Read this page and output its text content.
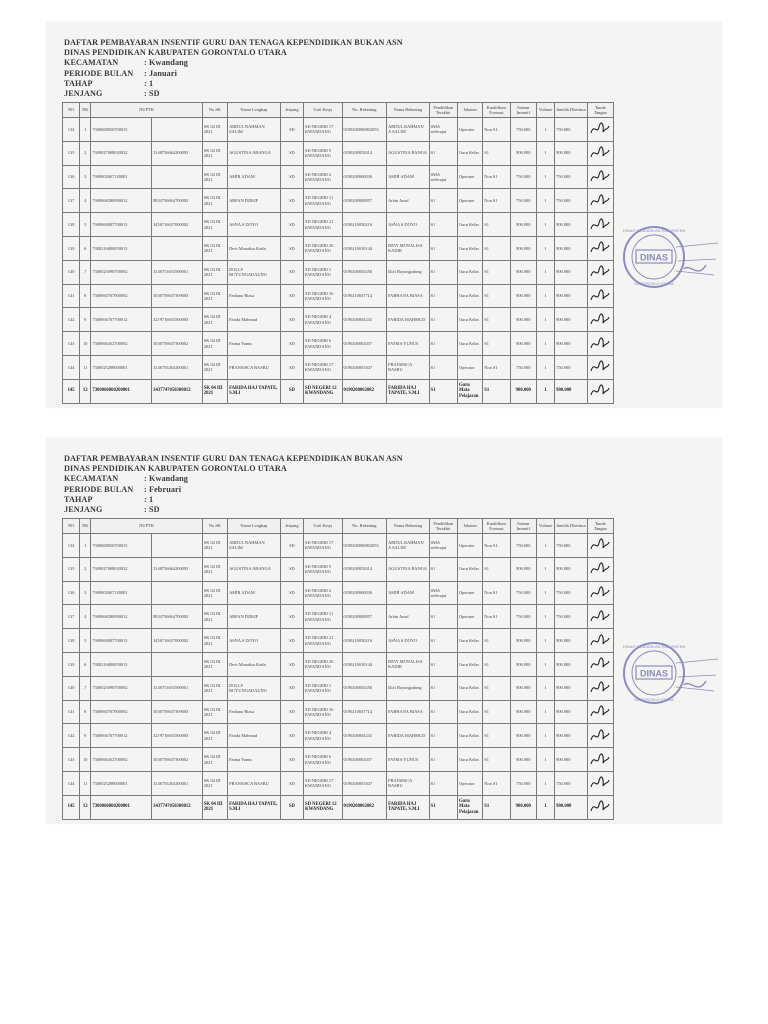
DAFTAR PEMBAYARAN INSENTIF GURU DAN TENAGA KEPENDIDIKAN BUKAN ASN
DINAS PENDIDIKAN KABUPATEN GORONTALO UTARA
KECAMATAN	: Kwandang
PERIODE BULAN : Januari
TAHAP	: 1
JENJANG	: SD
NO	NK	NUPTK		No SK	Nama Lengkap	Jenjang	Unit Kerja	No. Rekening	Nama Rekening	Pendidikan Terakhir	Jabatan	Kualifikasi Formasi	Satuan Insentif	Volume	Jumlah Diterima	Tanda Tangan
134	1	7300068050700015		SK 04 III 2021	ABDUL RAHMAN SALIM	SD	SD NEGERI 17 KWANDANG	0190200000802053	ABDUL RAHMAN A SALIM	SMA sederajat	Operator	Non S1	750.000	1	750.000	

135	2	7300027008020022	3148756664200093	SK 04 III 2021	AGUSTINA ABANGA	SD	SD NEGERI 5 KWANDANG	0190200052014	AGUSTINA BANGA	S1	Guru Kelas	S1	900.000	1	900.000	

136	3	7300002607120001		SK 04 III 2021	AMIR ADAM	SD	SD NEGERI 2 KWANDANG	0190200060036	AMIR ADAM	SMA sederajat	Operator	Non S1	750.000	1	750.000	

137	4	7300068280080012	8834756664700082	SK 04 III 2021	ARFAN DJIKIP	SD	SD NEGERI 11 KWANDANG	0190200000857	Arfan Jusuf	S1	Operator	Non S1	750.000	1	750.000	

138	5	7300068007700013	3456716637000002	SK 04 III 2021	ASNA S DOYO	SD	SD NEGERI 21 KWANDANG	0190210050216	ASNA S DOYO	S1	Guru Kelas	S1	900.000	1	900.000	

139	6	7300216000050013		SK 04 III 2021	Devi Monalisa Kadir	SD	SD NEGERI 20 KWANDANG	0190210010144	DEVI MONALISA KADIR	S1	Guru Kelas	S1	900.000	1	900.000	

140	7	7300025090700002	3146751653590001	SK 04 III 2021	DOLLY BUYUNGADAUNG	SD	SD NEGERI 1 KWANDANG	0190200050256	Doli Buyungadong	S1	Guru Kelas	S1	900.000	1	900.000	

141	8	7300060707000002	3030756637309003	SK 04 III 2021	Farhana Biasa	SD	SD NEGERI 16 KWANDANG	0190210047714	FARHANA BIASA	S1	Guru Kelas	S1	900.000	1	900.000	

142	9	7300066707700012	3219716653500003	SK 04 III 2021	Farida Mahmud	SD	SD NEGERI 4 KWANDANG	0190200004241	FARIDA MAHMUD	S1	Guru Kelas	S1	900.000	1	900.000	

143	10	7300066432700002	3030756637300002	SK 04 III 2021	Fatma Yunus	SD	SD NEGERI 6 KWANDANG	0190200002037	FATMA YUNUS	S1	Guru Kelas	S1	900.000	1	900.000	

144	11	7300025288000001	3146755263200001	SK 04 III 2021	FRANSISCA BASRU	SD	SD NEGERI 17 KWANDANG	0190200001847	FRANSISCA BASRU	S1	Operator	Non S1	750.000	1	750.000	

145	12	7300060800200001	3437747050300012	SK 04 III 2021	FARIDA HAJ TAPATE, S.M.I	SD	SD NEGERI 12 KWANDANG	0190200002082	FARIDA HAJ TAPATE, S.M.I	S1	Guru Mata Pelajaran	S1	900.000	1	900.000	
DINAS
DINAS PENDIDIKAN KABUPATEN
GORONTALO UTARA
DAFTAR PEMBAYARAN INSENTIF GURU DAN TENAGA KEPENDIDIKAN BUKAN ASN
DINAS PENDIDIKAN KABUPATEN GORONTALO UTARA
KECAMATAN	: Kwandang
PERIODE BULAN : Februari
TAHAP	: 1
JENJANG	: SD
NO	NK	NUPTK		No SK	Nama Lengkap	Jenjang	Unit Kerja	No. Rekening	Nama Rekening	Pendidikan Terakhir	Jabatan	Kualifikasi Formasi	Satuan Insentif	Volume	Jumlah Diterima	Tanda Tangan
134	1	7300068050700015		SK 04 III 2021	ABDUL RAHMAN SALIM	SD	SD NEGERI 17 KWANDANG	0190200000802053	ABDUL RAHMAN A SALIM	SMA sederajat	Operator	Non S1	750.000	1	750.000	

135	2	7300027008020022	3148756664200093	SK 04 III 2021	AGUSTINA ABANGA	SD	SD NEGERI 5 KWANDANG	0190200052014	AGUSTINA BANGA	S1	Guru Kelas	S1	900.000	1	900.000	

136	3	7300002607120001		SK 04 III 2021	AMIR ADAM	SD	SD NEGERI 2 KWANDANG	0190200060036	AMIR ADAM	SMA sederajat	Operator	Non S1	750.000	1	750.000	

137	4	7300068280080012	8834756664700082	SK 04 III 2021	ARFAN DJIKIP	SD	SD NEGERI 11 KWANDANG	0190200000857	Arfan Jusuf	S1	Operator	Non S1	750.000	1	750.000	

138	5	7300068007700013	3456716637000002	SK 04 III 2021	ASNA S DOYO	SD	SD NEGERI 21 KWANDANG	0190210050216	ASNA S DOYO	S1	Guru Kelas	S1	900.000	1	900.000	

139	6	7300216000050013		SK 04 III 2021	Devi Monalisa Kadir	SD	SD NEGERI 20 KWANDANG	0190210010144	DEVI MONALISA KADIR	S1	Guru Kelas	S1	900.000	1	900.000	

140	7	7300025090700002	3146751653590001	SK 04 III 2021	DOLLY BUYUNGADAUNG	SD	SD NEGERI 1 KWANDANG	0190200050256	Doli Buyungadong	S1	Guru Kelas	S1	900.000	1	900.000	

141	8	7300060707000002	3030756637309003	SK 04 III 2021	Farhana Biasa	SD	SD NEGERI 16 KWANDANG	0190210047714	FARHANA BIASA	S1	Guru Kelas	S1	900.000	1	900.000	

142	9	7300066707700012	3219716653500003	SK 04 III 2021	Farida Mahmud	SD	SD NEGERI 4 KWANDANG	0190200004241	FARIDA MAHMUD	S1	Guru Kelas	S1	900.000	1	900.000	

143	10	7300066432700002	3030756637300002	SK 04 III 2021	Fatma Yunus	SD	SD NEGERI 6 KWANDANG	0190200002037	FATMA YUNUS	S1	Guru Kelas	S1	900.000	1	900.000	

144	11	7300025288000001	3146755263200001	SK 04 III 2021	FRANSISCA BASRU	SD	SD NEGERI 17 KWANDANG	0190200001847	FRANSISCA BASRU	S1	Operator	Non S1	750.000	1	750.000	

145	12	7300060800200001	3437747050300012	SK 04 III 2021	FARIDA HAJ TAPATE, S.M.I	SD	SD NEGERI 12 KWANDANG	0190200002082	FARIDA HAJ TAPATE, S.M.I	S1	Guru Mata Pelajaran	S1	900.000	1	900.000	
DINAS
DINAS PENDIDIKAN KABUPATEN
GORONTALO UTARA
